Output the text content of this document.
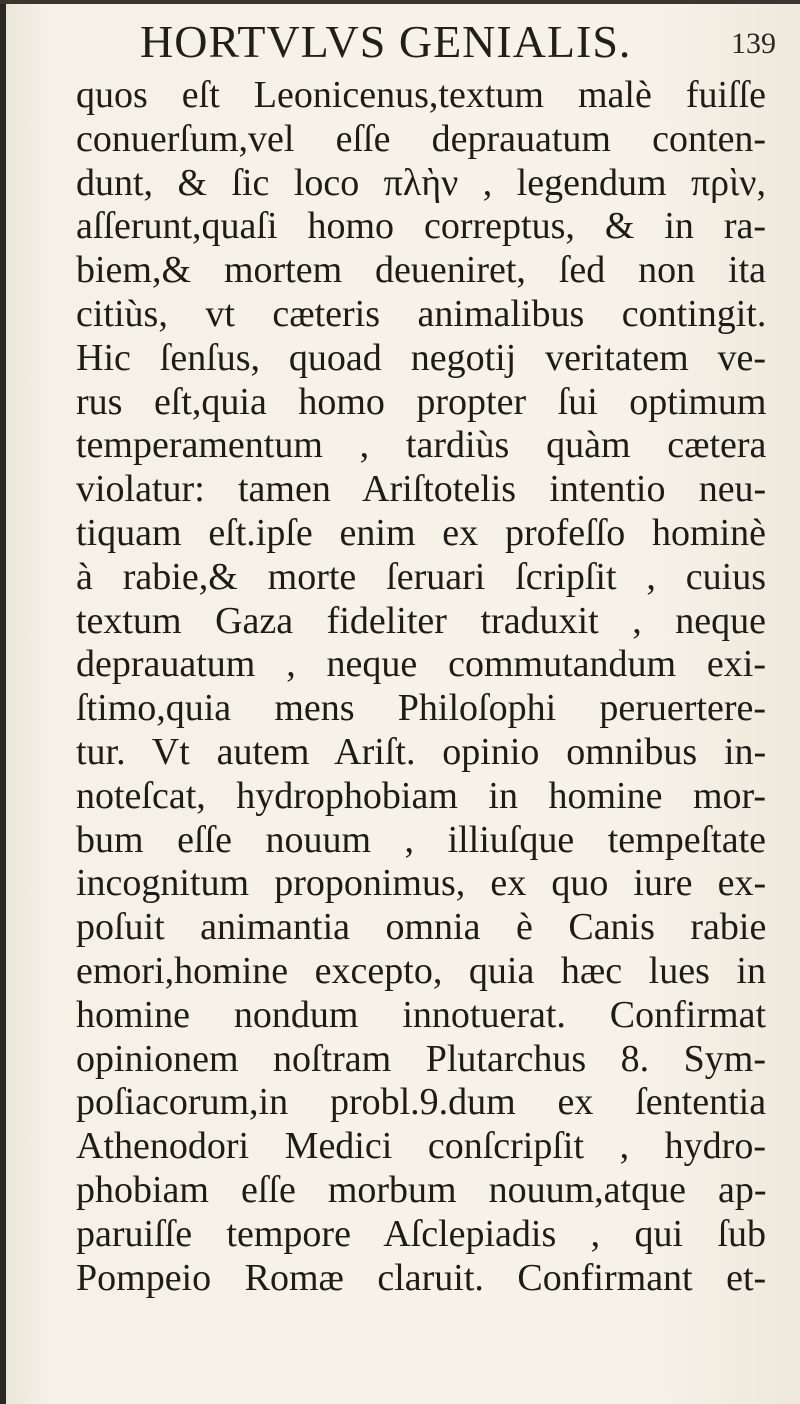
HORTVLVS GENIALIS.	139
quos eſt Leonicenus,textum malè fuiſſe
conuerſum,vel eſſe deprauatum conten-
dunt, & ſic loco πλὴν , legendum πρὶν,
aſſerunt,quaſi homo correptus, & in ra-
biem,& mortem deueniret, ſed non ita
citiùs, vt cæteris animalibus contingit.
Hic ſenſus, quoad negotij veritatem ve-
rus eſt,quia homo propter ſui optimum
temperamentum , tardiùs quàm cætera
violatur: tamen Ariſtotelis intentio neu-
tiquam eſt.ipſe enim ex profeſſo hominè
à rabie,& morte ſeruari ſcripſit , cuius
textum Gaza fideliter traduxit , neque
deprauatum , neque commutandum exi-
ſtimo,quia mens Philoſophi peruertere-
tur. Vt autem Ariſt. opinio omnibus in-
noteſcat, hydrophobiam in homine mor-
bum eſſe nouum , illiuſque tempeſtate
incognitum proponimus, ex quo iure ex-
poſuit animantia omnia è Canis rabie
emori,homine excepto, quia hæc lues in
homine nondum innotuerat. Confirmat
opinionem noſtram Plutarchus 8. Sym-
poſiacorum,in probl.9.dum ex ſententia
Athenodori Medici conſcripſit , hydro-
phobiam eſſe morbum nouum,atque ap-
paruiſſe tempore Aſclepiadis , qui ſub
Pompeio Romæ claruit. Confirmant et-
